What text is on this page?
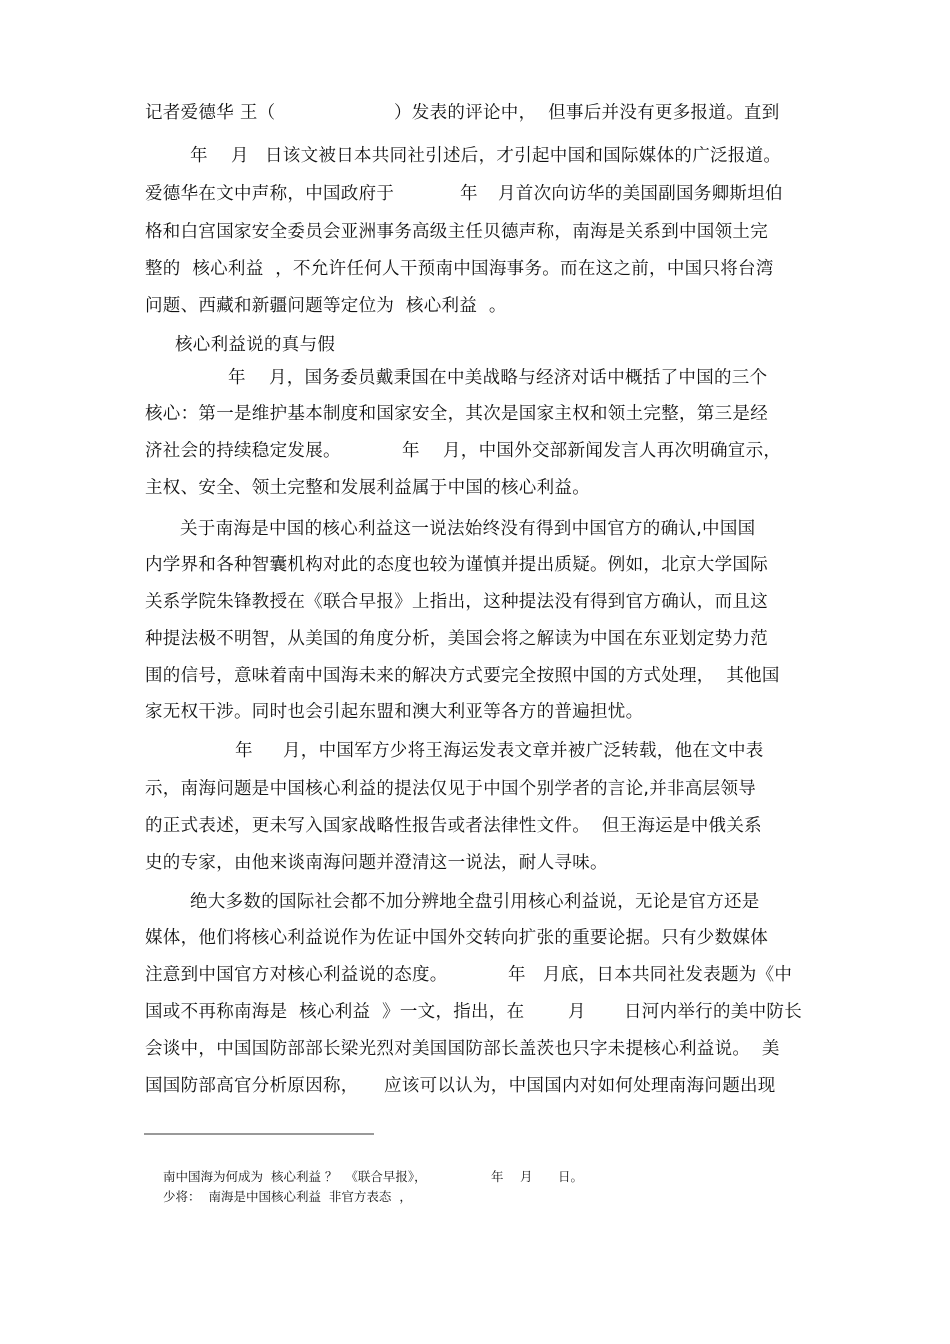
记者爱德华 王（	）发表的评论中，  但事后并没有更多报道。直到
年 月 日该文被日本共同社引述后，才引起中国和国际媒体的广泛报道。
爱德华在文中声称，中国政府于	年 月首次向访华的美国副国务卿斯坦伯
格和白宫国家安全委员会亚洲事务高级主任贝德声称，南海是关系到中国领土完
整的  核心利益  ，不允许任何人干预南中国海事务。而在这之前，中国只将台湾
问题、西藏和新疆问题等定位为  核心利益  。
核心利益说的真与假
年 月，国务委员戴秉国在中美战略与经济对话中概括了中国的三个
核心：第一是维护基本制度和国家安全，其次是国家主权和领土完整，第三是经
济社会的持续稳定发展。	年 月，中国外交部新闻发言人再次明确宣示，
主权、安全、领土完整和发展利益属于中国的核心利益。
关于南海是中国的核心利益这一说法始终没有得到中国官方的确认,中国国
内学界和各种智囊机构对此的态度也较为谨慎并提出质疑。例如，北京大学国际
关系学院朱锋教授在《联合早报》上指出，这种提法没有得到官方确认，而且这
种提法极不明智，从美国的角度分析，美国会将之解读为中国在东亚划定势力范
围的信号，意味着南中国海未来的解决方式要完全按照中国的方式处理，  其他国
家无权干涉。同时也会引起东盟和澳大利亚等各方的普遍担忧。
年 月，中国军方少将王海运发表文章并被广泛转载，他在文中表
示，南海问题是中国核心利益的提法仅见于中国个别学者的言论,并非高层领导
的正式表述，更未写入国家战略性报告或者法律性文件。  但王海运是中俄关系
史的专家，由他来谈南海问题并澄清这一说法，耐人寻味。
绝大多数的国际社会都不加分辨地全盘引用核心利益说，无论是官方还是
媒体，他们将核心利益说作为佐证中国外交转向扩张的重要论据。只有少数媒体
注意到中国官方对核心利益说的态度。	年 月底，日本共同社发表题为《中
国或不再称南海是  核心利益  》一文，指出，在 月 日河内举行的美中防长
会谈中，中国国防部部长梁光烈对美国国防部长盖茨也只字未提核心利益说。  美
国国防部高官分析原因称， 应该可以认为，中国国内对如何处理南海问题出现
南中国海为何成为  核心利益 ？  《联合早报》，	年 月 日。
少将：  南海是中国核心利益  非官方表态  ，
